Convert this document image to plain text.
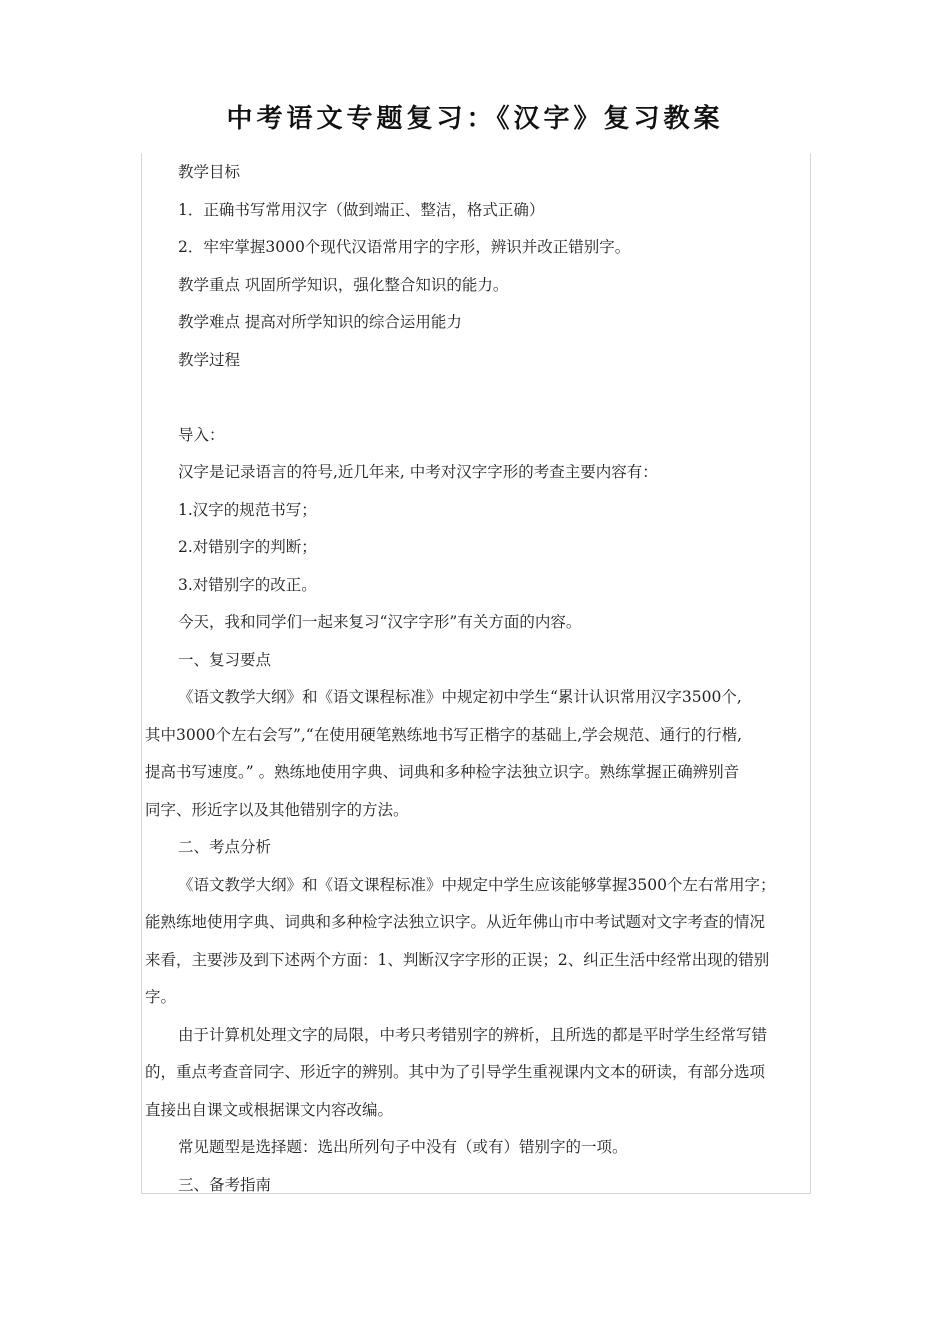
中考语文专题复习：《汉字》复习教案

教学目标

1．正确书写常用汉字（做到端正、整洁，格式正确）

2．牢牢掌握3000个现代汉语常用字的字形，辨识并改正错别字。

教学重点 巩固所学知识，强化整合知识的能力。

教学难点 提高对所学知识的综合运用能力

教学过程

导入：

汉字是记录语言的符号,近几年来, 中考对汉字字形的考查主要内容有：

1.汉字的规范书写；

2.对错别字的判断；

3.对错别字的改正。

今天，我和同学们一起来复习“汉字字形”有关方面的内容。

一、复习要点

《语文教学大纲》和《语文课程标准》中规定初中学生“累计认识常用汉字3500个,

其中3000个左右会写”,“在使用硬笔熟练地书写正楷字的基础上,学会规范、通行的行楷,

提高书写速度。” 。熟练地使用字典、词典和多种检字法独立识字。熟练掌握正确辨别音

同字、形近字以及其他错别字的方法。

二、考点分析

《语文教学大纲》和《语文课程标准》中规定中学生应该能够掌握3500个左右常用字；

能熟练地使用字典、词典和多种检字法独立识字。从近年佛山市中考试题对文字考查的情况

来看，主要涉及到下述两个方面：1、判断汉字字形的正误；2、纠正生活中经常出现的错别

字。

由于计算机处理文字的局限，中考只考错别字的辨析，且所选的都是平时学生经常写错

的，重点考查音同字、形近字的辨别。其中为了引导学生重视课内文本的研读，有部分选项

直接出自课文或根据课文内容改编。

常见题型是选择题：选出所列句子中没有（或有）错别字的一项。

三、备考指南
